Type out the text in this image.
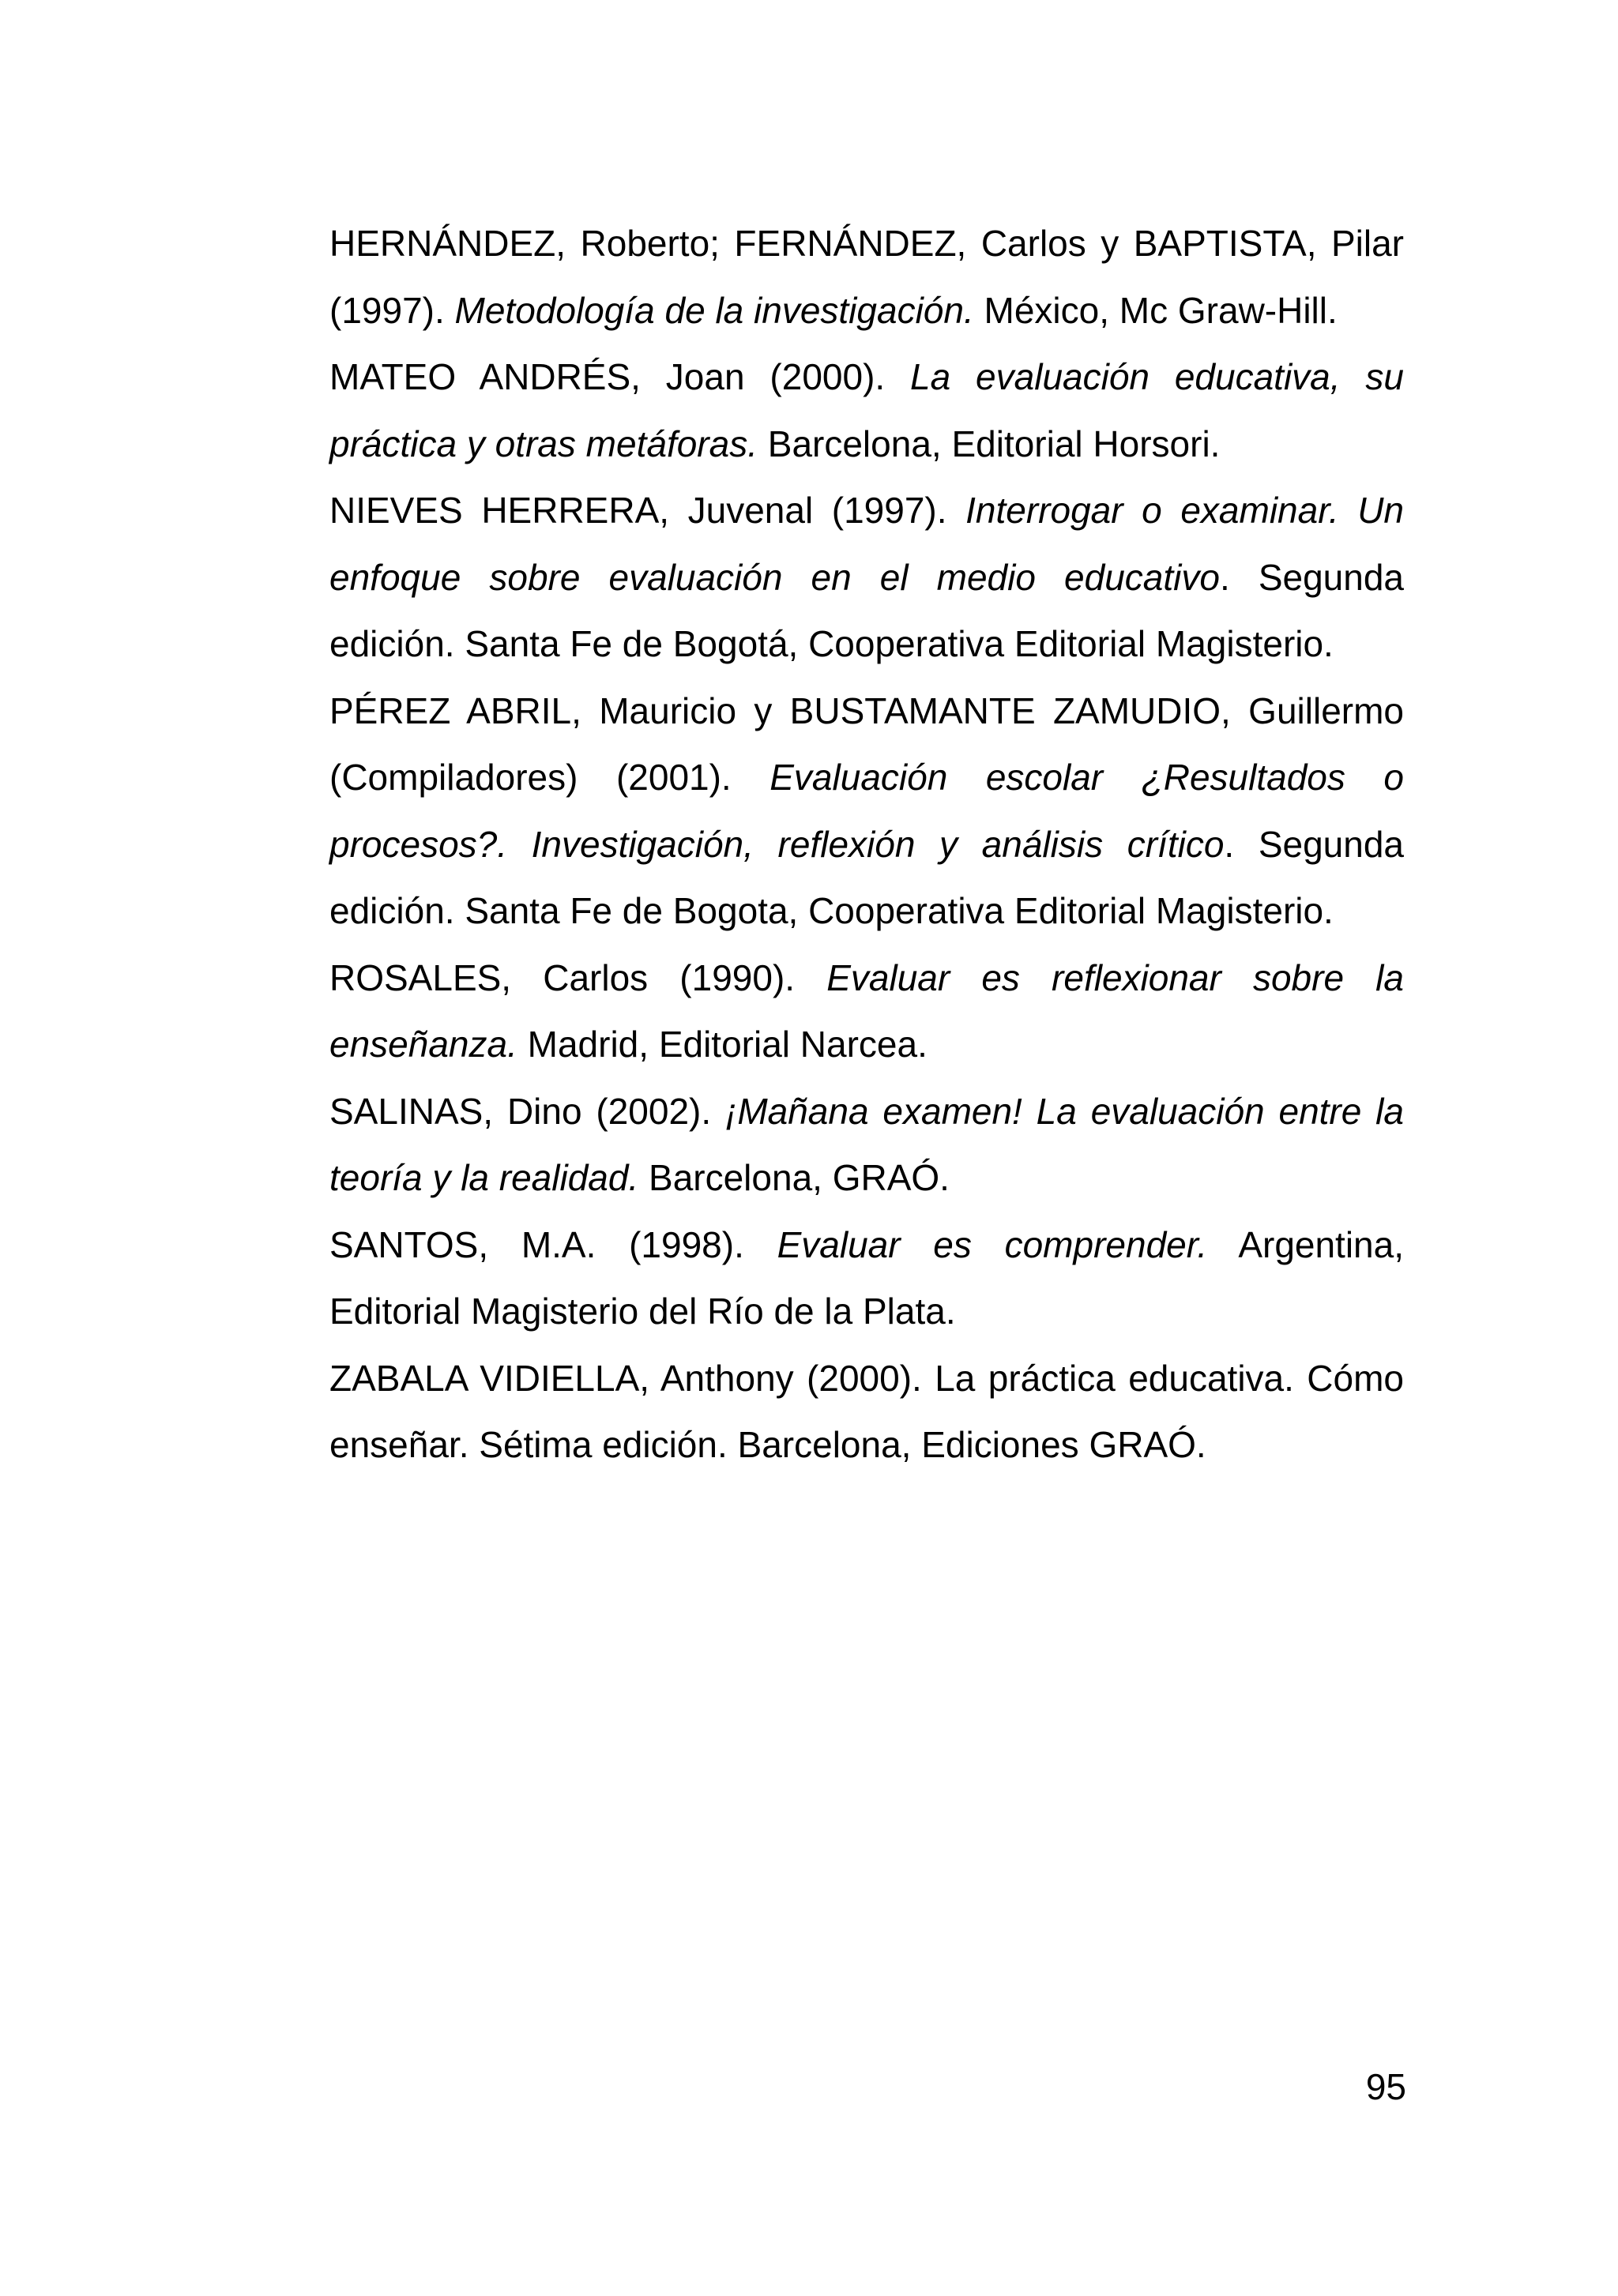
HERNÁNDEZ, Roberto; FERNÁNDEZ, Carlos y BAPTISTA, Pilar (1997). Metodología de la investigación. México, Mc Graw-Hill.

MATEO ANDRÉS, Joan (2000). La evaluación educativa, su práctica y otras metáforas. Barcelona, Editorial Horsori.

NIEVES HERRERA, Juvenal (1997). Interrogar o examinar. Un enfoque sobre evaluación en el medio educativo. Segunda edición. Santa Fe de Bogotá, Cooperativa Editorial Magisterio.

PÉREZ ABRIL, Mauricio y BUSTAMANTE ZAMUDIO, Guillermo (Compiladores) (2001). Evaluación escolar ¿Resultados o procesos?. Investigación, reflexión y análisis crítico. Segunda edición. Santa Fe de Bogota, Cooperativa Editorial Magisterio.

ROSALES, Carlos (1990). Evaluar es reflexionar sobre la enseñanza. Madrid, Editorial Narcea.

SALINAS, Dino (2002). ¡Mañana examen! La evaluación entre la teoría y la realidad. Barcelona, GRAÓ.

SANTOS, M.A. (1998). Evaluar es comprender. Argentina, Editorial Magisterio del Río de la Plata.

ZABALA VIDIELLA, Anthony (2000). La práctica educativa. Cómo enseñar. Sétima edición. Barcelona, Ediciones GRAÓ.

95
